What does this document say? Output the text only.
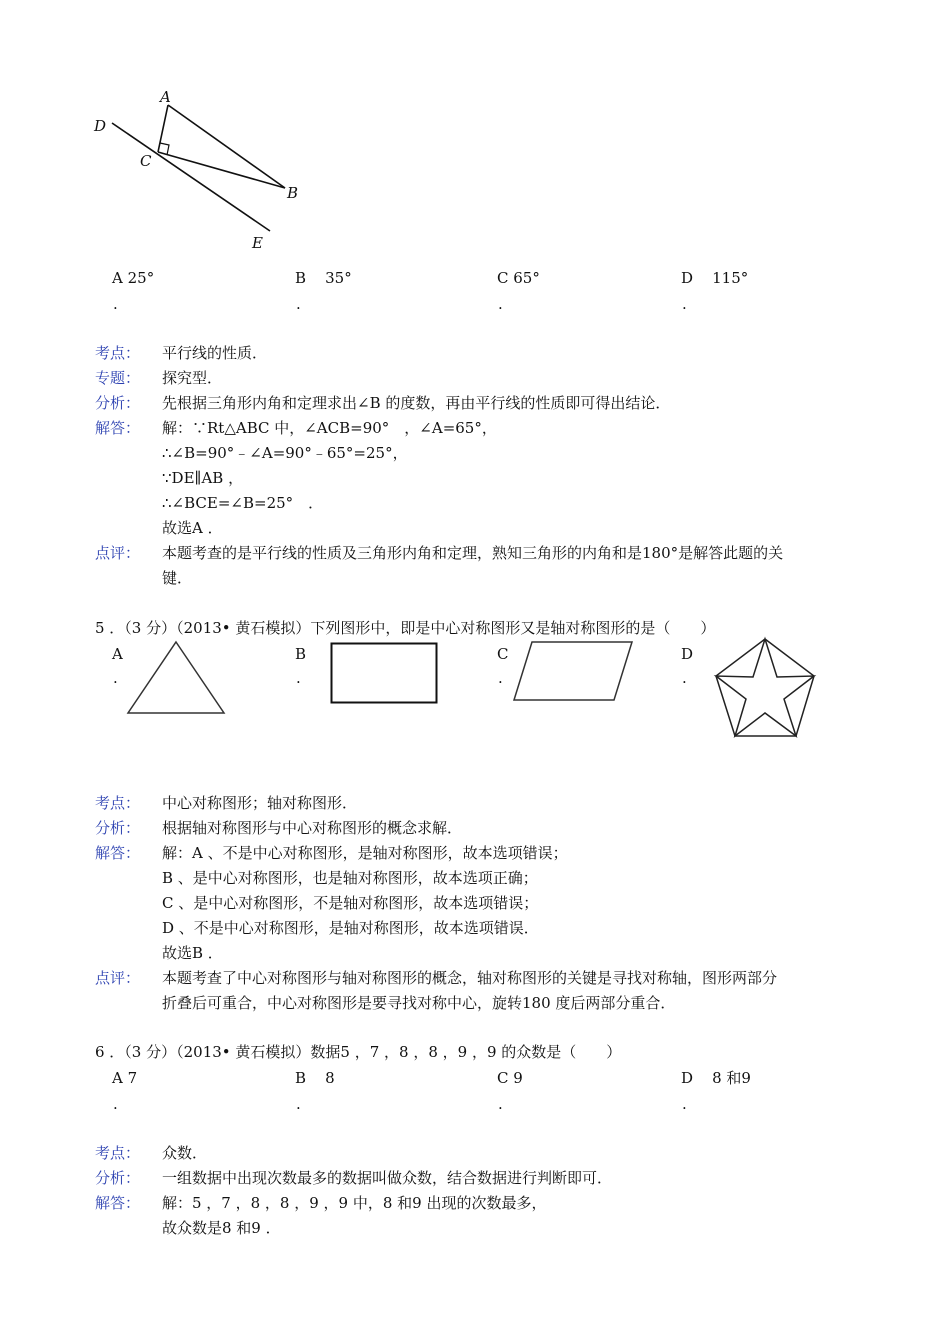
A
B
C
D
E
A 25°
.
B 35°
.
C 65°
.
D 115°
.
考点： 平行线的性质．
专题： 探究型．
分析： 先根据三角形内角和定理求出∠B 的度数，再由平行线的性质即可得出结论．
解答： 解：∵Rt△ABC 中，∠ACB=90°　，∠A=65°，
∴∠B=90°﹣∠A=90°﹣65°=25°，
∵DE∥AB ，
∴∠BCE=∠B=25°　．
故选A ．
点评： 本题考查的是平行线的性质及三角形内角和定理，熟知三角形的内角和是180°是解答此题的关
键．
5 ．（3 分）（2013• 黄石模拟）下列图形中，即是中心对称图形又是轴对称图形的是（　　）
A
.
B
.
C
.
D
.
考点： 中心对称图形；轴对称图形．
分析： 根据轴对称图形与中心对称图形的概念求解．
解答： 解：A 、不是中心对称图形，是轴对称图形，故本选项错误；
B 、是中心对称图形，也是轴对称图形，故本选项正确；
C 、是中心对称图形，不是轴对称图形，故本选项错误；
D 、不是中心对称图形，是轴对称图形，故本选项错误．
故选B ．
点评： 本题考查了中心对称图形与轴对称图形的概念，轴对称图形的关键是寻找对称轴，图形两部分
折叠后可重合，中心对称图形是要寻找对称中心，旋转180 度后两部分重合．
6 ．（3 分）（2013• 黄石模拟）数据5 ，7 ，8 ，8 ，9 ，9 的众数是（　　）
A 7
.
B 8
.
C 9
.
D 8 和9
.
考点： 众数．
分析： 一组数据中出现次数最多的数据叫做众数，结合数据进行判断即可．
解答： 解：5 ，7 ，8 ，8 ，9 ，9 中，8 和9 出现的次数最多，
故众数是8 和9 ．
